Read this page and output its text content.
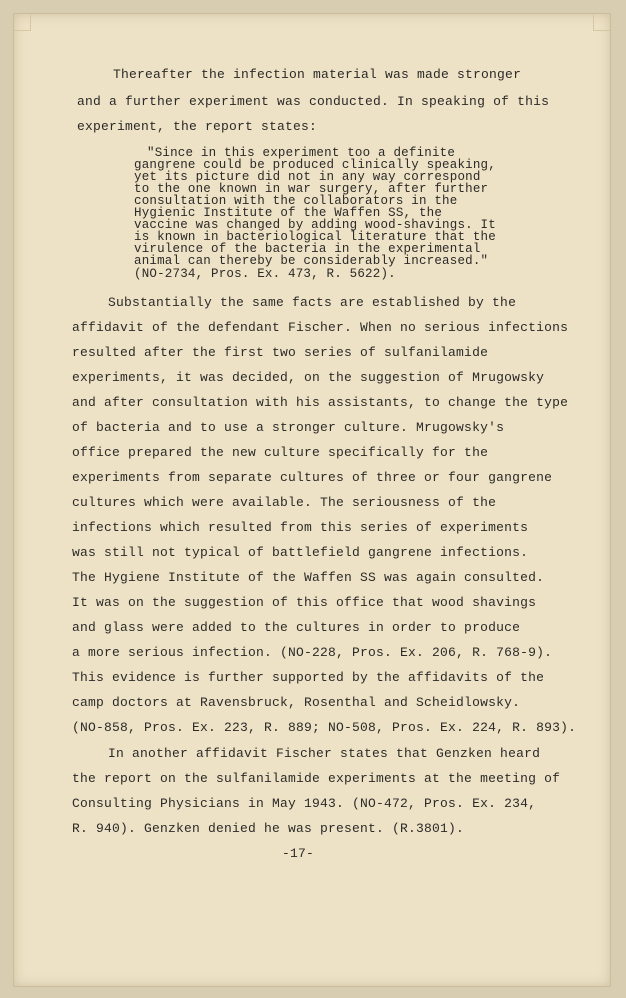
Thereafter the infection material was made stronger
and a further experiment was conducted. In speaking of this
experiment, the report states:
"Since in this experiment too a definite
gangrene could be produced clinically speaking,
yet its picture did not in any way correspond
to the one known in war surgery, after further
consultation with the collaborators in the
Hygienic Institute of the Waffen SS, the
vaccine was changed by adding wood-shavings. It
is known in bacteriological literature that the
virulence of the bacteria in the experimental
animal can thereby be considerably increased."
(NO-2734, Pros. Ex. 473, R. 5622).
Substantially the same facts are established by the
affidavit of the defendant Fischer. When no serious infections
resulted after the first two series of sulfanilamide
experiments, it was decided, on the suggestion of Mrugowsky
and after consultation with his assistants, to change the type
of bacteria and to use a stronger culture. Mrugowsky's
office prepared the new culture specifically for the
experiments from separate cultures of three or four gangrene
cultures which were available. The seriousness of the
infections which resulted from this series of experiments
was still not typical of battlefield gangrene infections.
The Hygiene Institute of the Waffen SS was again consulted.
It was on the suggestion of this office that wood shavings
and glass were added to the cultures in order to produce
a more serious infection. (NO-228, Pros. Ex. 206, R. 768-9).
This evidence is further supported by the affidavits of the
camp doctors at Ravensbruck, Rosenthal and Scheidlowsky.
(NO-858, Pros. Ex. 223, R. 889; NO-508, Pros. Ex. 224, R. 893).
In another affidavit Fischer states that Genzken heard
the report on the sulfanilamide experiments at the meeting of
Consulting Physicians in May 1943. (NO-472, Pros. Ex. 234,
R. 940). Genzken denied he was present. (R.3801).
-17-
